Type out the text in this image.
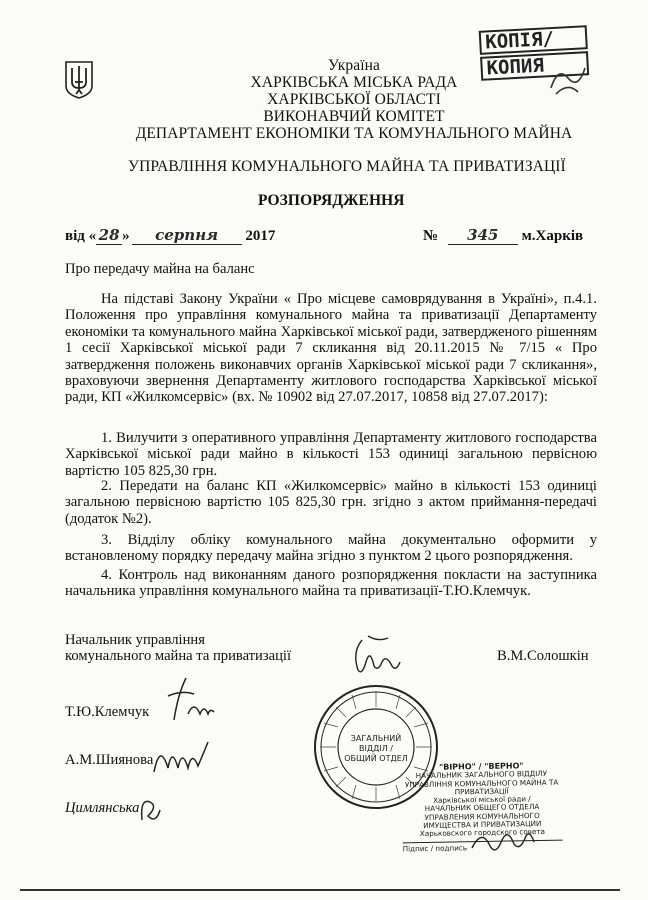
Україна
ХАРКІВСЬКА МІСЬКА РАДА
ХАРКІВСЬКОЇ ОБЛАСТІ
ВИКОНАВЧИЙ КОМІТЕТ
ДЕПАРТАМЕНТ ЕКОНОМІКИ ТА КОМУНАЛЬНОГО МАЙНА
УПРАВЛІННЯ КОМУНАЛЬНОГО МАЙНА ТА ПРИВАТИЗАЦІЇ
РОЗПОРЯДЖЕННЯ
КОПІЯ/
КОПИЯ
від « 28 » серпня 2017	№ 345 м.Харків
Про передачу майна на баланс
На підставі Закону України « Про місцеве самоврядування в Україні», п.4.1. Положення про управління комунального майна та приватизації Департаменту економіки та комунального майна Харківської міської ради, затвердженого рішенням 1 сесії Харківської міської ради 7 скликання від 20.11.2015 № 7/15 « Про затвердження положень виконавчих органів Харківської міської ради 7 скликання», враховуючи звернення Департаменту житлового господарства Харківської міської ради, КП «Жилкомсервіс» (вх. № 10902 від 27.07.2017, 10858 від 27.07.2017):
1. Вилучити з оперативного управління Департаменту житлового господарства Харківської міської ради майно в кількості 153 одиниці загальною первісною вартістю 105 825,30 грн.
2. Передати на баланс КП «Жилкомсервіс» майно в кількості 153 одиниці загальною первісною вартістю 105 825,30 грн. згідно з актом приймання-передачі (додаток №2).
3. Відділу обліку комунального майна документально оформити у встановленому порядку передачу майна згідно з пунктом 2 цього розпорядження.
4. Контроль над виконанням даного розпорядження покласти на заступника начальника управління комунального майна та приватизації-Т.Ю.Клемчук.
Начальник управління
комунального майна та приватизації	В.М.Солошкін
Т.Ю.Клемчук
А.М.Шиянова
Цимлянська
ЗАГАЛЬНИЙ
ВІДДІЛ /
ОБЩИЙ ОТДЕЛ
"ВІРНО" / "ВЕРНО"
НАЧАЛЬНИК ЗАГАЛЬНОГО ВІДДІЛУ
УПРАВЛІННЯ КОМУНАЛЬНОГО МАЙНА ТА ПРИВАТИЗАЦІЇ
Харківської міської ради /
НАЧАЛЬНИК ОБЩЕГО ОТДЕЛА
УПРАВЛЕНИЯ КОМУНАЛЬНОГО ИМУЩЕСТВА И ПРИВАТИЗАЦИИ
Харьковского городского совета
Підпис / подпись
